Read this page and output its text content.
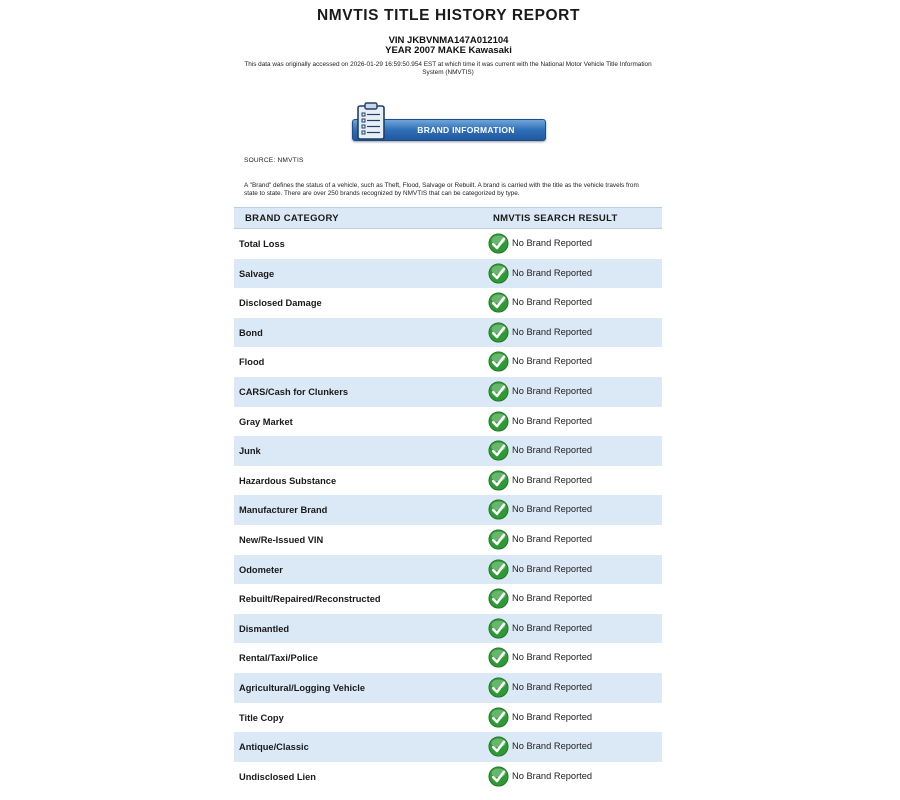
NMVTIS TITLE HISTORY REPORT
VIN JKBVNMA147A012104
YEAR 2007 MAKE Kawasaki
This data was originally accessed on 2026-01-29 16:59:50.954 EST at which time it was current with the National Motor Vehicle Title Information System (NMVTIS)
BRAND INFORMATION
SOURCE: NMVTIS
A "Brand" defines the status of a vehicle, such as Theft, Flood, Salvage or Rebuilt. A brand is carried with the title as the vehicle travels from state to state. There are over 250 brands recognized by NMVTIS that can be categorized by type.
BRAND CATEGORY	NMVTIS SEARCH RESULT
Total Loss	No Brand Reported
Salvage	No Brand Reported
Disclosed Damage	No Brand Reported
Bond	No Brand Reported
Flood	No Brand Reported
CARS/Cash for Clunkers	No Brand Reported
Gray Market	No Brand Reported
Junk	No Brand Reported
Hazardous Substance	No Brand Reported
Manufacturer Brand	No Brand Reported
New/Re-Issued VIN	No Brand Reported
Odometer	No Brand Reported
Rebuilt/Repaired/Reconstructed	No Brand Reported
Dismantled	No Brand Reported
Rental/Taxi/Police	No Brand Reported
Agricultural/Logging Vehicle	No Brand Reported
Title Copy	No Brand Reported
Antique/Classic	No Brand Reported
Undisclosed Lien	No Brand Reported
